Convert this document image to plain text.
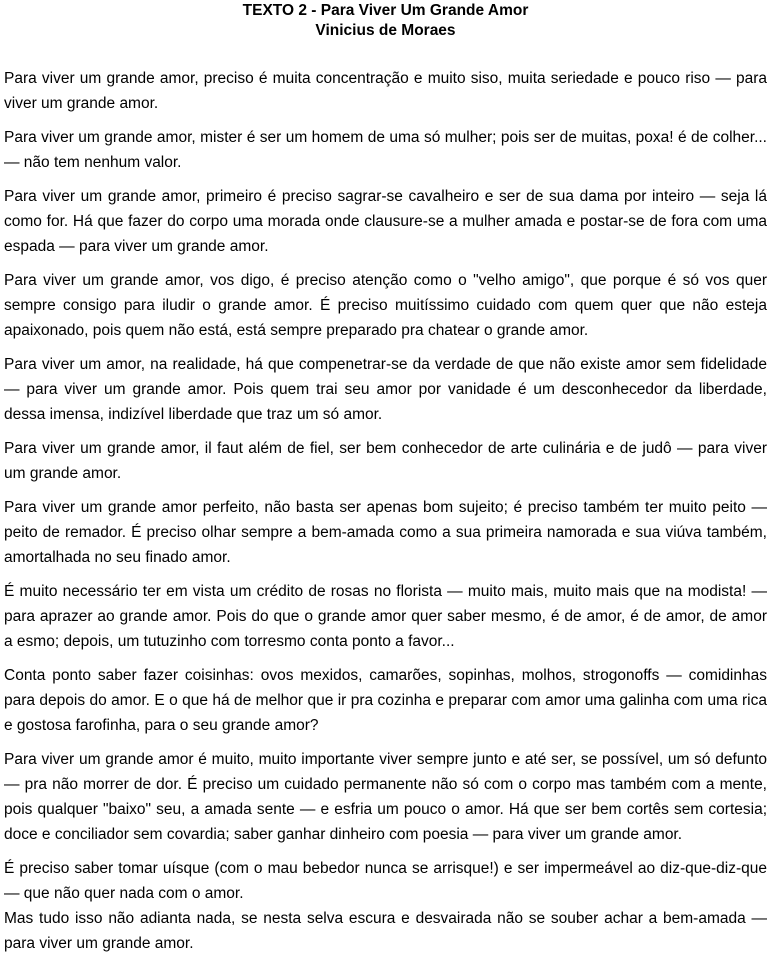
TEXTO 2 - Para Viver Um Grande Amor
Vinicius de Moraes

Para viver um grande amor, preciso é muita concentração e muito siso, muita seriedade e pouco riso — para viver um grande amor.

Para viver um grande amor, mister é ser um homem de uma só mulher; pois ser de muitas, poxa! é de colher... — não tem nenhum valor.

Para viver um grande amor, primeiro é preciso sagrar-se cavalheiro e ser de sua dama por inteiro — seja lá como for. Há que fazer do corpo uma morada onde clausure-se a mulher amada e postar-se de fora com uma espada — para viver um grande amor.

Para viver um grande amor, vos digo, é preciso atenção como o "velho amigo", que porque é só vos quer sempre consigo para iludir o grande amor. É preciso muitíssimo cuidado com quem quer que não esteja apaixonado, pois quem não está, está sempre preparado pra chatear o grande amor.

Para viver um amor, na realidade, há que compenetrar-se da verdade de que não existe amor sem fidelidade — para viver um grande amor. Pois quem trai seu amor por vanidade é um desconhecedor da liberdade, dessa imensa, indizível liberdade que traz um só amor.

Para viver um grande amor, il faut além de fiel, ser bem conhecedor de arte culinária e de judô — para viver um grande amor.

Para viver um grande amor perfeito, não basta ser apenas bom sujeito; é preciso também ter muito peito — peito de remador. É preciso olhar sempre a bem-amada como a sua primeira namorada e sua viúva também, amortalhada no seu finado amor.

É muito necessário ter em vista um crédito de rosas no florista — muito mais, muito mais que na modista! — para aprazer ao grande amor. Pois do que o grande amor quer saber mesmo, é de amor, é de amor, de amor a esmo; depois, um tutuzinho com torresmo conta ponto a favor...

Conta ponto saber fazer coisinhas: ovos mexidos, camarões, sopinhas, molhos, strogonoffs — comidinhas para depois do amor. E o que há de melhor que ir pra cozinha e preparar com amor uma galinha com uma rica e gostosa farofinha, para o seu grande amor?

Para viver um grande amor é muito, muito importante viver sempre junto e até ser, se possível, um só defunto — pra não morrer de dor. É preciso um cuidado permanente não só com o corpo mas também com a mente, pois qualquer "baixo" seu, a amada sente — e esfria um pouco o amor. Há que ser bem cortês sem cortesia; doce e conciliador sem covardia; saber ganhar dinheiro com poesia — para viver um grande amor.

É preciso saber tomar uísque (com o mau bebedor nunca se arrisque!) e ser impermeável ao diz-que-diz-que — que não quer nada com o amor.

Mas tudo isso não adianta nada, se nesta selva escura e desvairada não se souber achar a bem-amada — para viver um grande amor.
